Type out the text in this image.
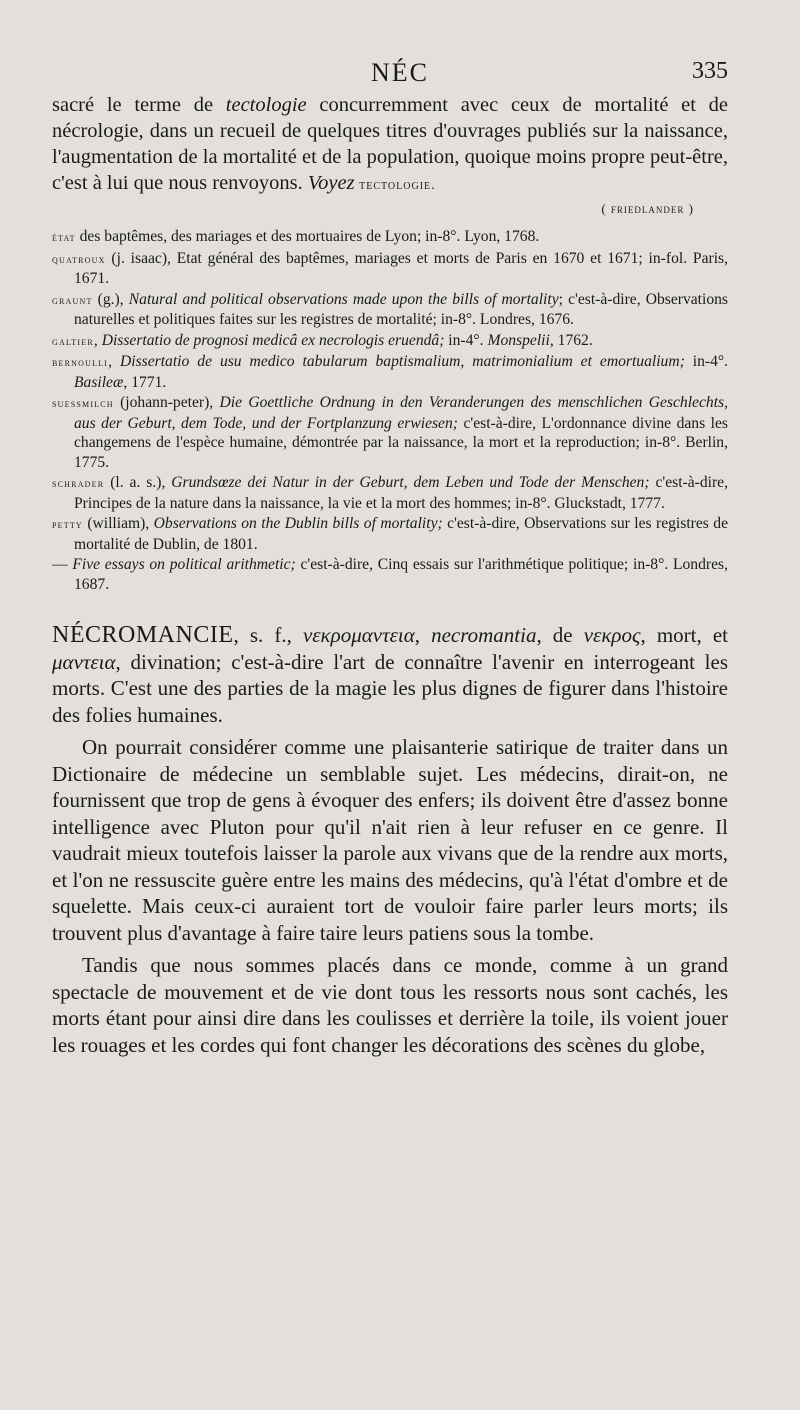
NÉC	335

sacré le terme de tectologie concurremment avec ceux de mortalité et de nécrologie, dans un recueil de quelques titres d'ouvrages publiés sur la naissance, l'augmentation de la mortalité et de la population, quoique moins propre peut-être, c'est à lui que nous renvoyons. Voyez tectologie.

( friedlander )

état des baptêmes, des mariages et des mortuaires de Lyon; in-8°. Lyon, 1768.

quatroux (j. isaac), Etat général des baptêmes, mariages et morts de Paris en 1670 et 1671; in-fol. Paris, 1671.

graunt (g.), Natural and political observations made upon the bills of mortality; c'est-à-dire, Observations naturelles et politiques faites sur les registres de mortalité; in-8°. Londres, 1676.

galtier, Dissertatio de prognosi medicâ ex necrologis eruendâ; in-4°. Monspelii, 1762.

bernoulli, Dissertatio de usu medico tabularum baptismalium, matrimonialium et emortualium; in-4°. Basileæ, 1771.

suessmilch (johann-peter), Die Goettliche Ordnung in den Veranderungen des menschlichen Geschlechts, aus der Geburt, dem Tode, und der Fortplanzung erwiesen; c'est-à-dire, L'ordonnance divine dans les changemens de l'espèce humaine, démontrée par la naissance, la mort et la reproduction; in-8°. Berlin, 1775.

schrader (l. a. s.), Grundsœze dei Natur in der Geburt, dem Leben und Tode der Menschen; c'est-à-dire, Principes de la nature dans la naissance, la vie et la mort des hommes; in-8°. Gluckstadt, 1777.

petty (william), Observations on the Dublin bills of mortality; c'est-à-dire, Observations sur les registres de mortalité de Dublin, de 1801.

— Five essays on political arithmetic; c'est-à-dire, Cinq essais sur l'arithmétique politique; in-8°. Londres, 1687.

NÉCROMANCIE, s. f., νεκρομαντεια, necromantia, de νεκρος, mort, et μαντεια, divination; c'est-à-dire l'art de connaître l'avenir en interrogeant les morts. C'est une des parties de la magie les plus dignes de figurer dans l'histoire des folies humaines.

On pourrait considérer comme une plaisanterie satirique de traiter dans un Dictionaire de médecine un semblable sujet. Les médecins, dirait-on, ne fournissent que trop de gens à évoquer des enfers; ils doivent être d'assez bonne intelligence avec Pluton pour qu'il n'ait rien à leur refuser en ce genre. Il vaudrait mieux toutefois laisser la parole aux vivans que de la rendre aux morts, et l'on ne ressuscite guère entre les mains des médecins, qu'à l'état d'ombre et de squelette. Mais ceux-ci auraient tort de vouloir faire parler leurs morts; ils trouvent plus d'avantage à faire taire leurs patiens sous la tombe.

Tandis que nous sommes placés dans ce monde, comme à un grand spectacle de mouvement et de vie dont tous les ressorts nous sont cachés, les morts étant pour ainsi dire dans les coulisses et derrière la toile, ils voient jouer les rouages et les cordes qui font changer les décorations des scènes du globe,
